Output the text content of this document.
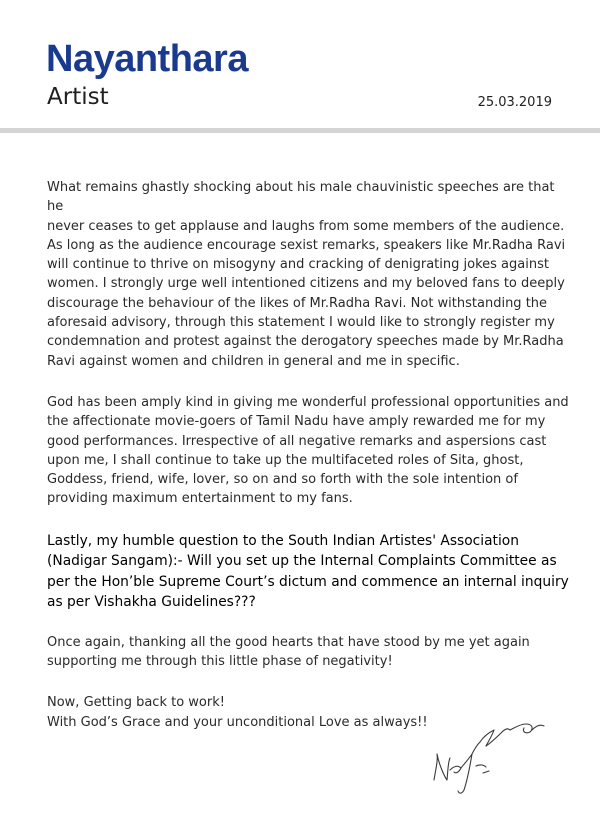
Nayanthara
Artist	25.03.2019

What remains ghastly shocking about his male chauvinistic speeches are that he
never ceases to get applause and laughs from some members of the audience.
As long as the audience encourage sexist remarks, speakers like Mr.Radha Ravi
will continue to thrive on misogyny and cracking of denigrating jokes against
women. I strongly urge well intentioned citizens and my beloved fans to deeply
discourage the behaviour of the likes of Mr.Radha Ravi. Not withstanding the
aforesaid advisory, through this statement I would like to strongly register my
condemnation and protest against the derogatory speeches made by Mr.Radha
Ravi against women and children in general and me in specific.

God has been amply kind in giving me wonderful professional opportunities and
the affectionate movie-goers of Tamil Nadu have amply rewarded me for my
good performances. Irrespective of all negative remarks and aspersions cast
upon me, I shall continue to take up the multifaceted roles of Sita, ghost,
Goddess, friend, wife, lover, so on and so forth with the sole intention of
providing maximum entertainment to my fans.

Lastly, my humble question to the South Indian Artistes' Association
(Nadigar Sangam):- Will you set up the Internal Complaints Committee as
per the Hon’ble Supreme Court’s dictum and commence an internal inquiry
as per Vishakha Guidelines???

Once again, thanking all the good hearts that have stood by me yet again
supporting me through this little phase of negativity!

Now, Getting back to work!
With God’s Grace and your unconditional Love as always!!
